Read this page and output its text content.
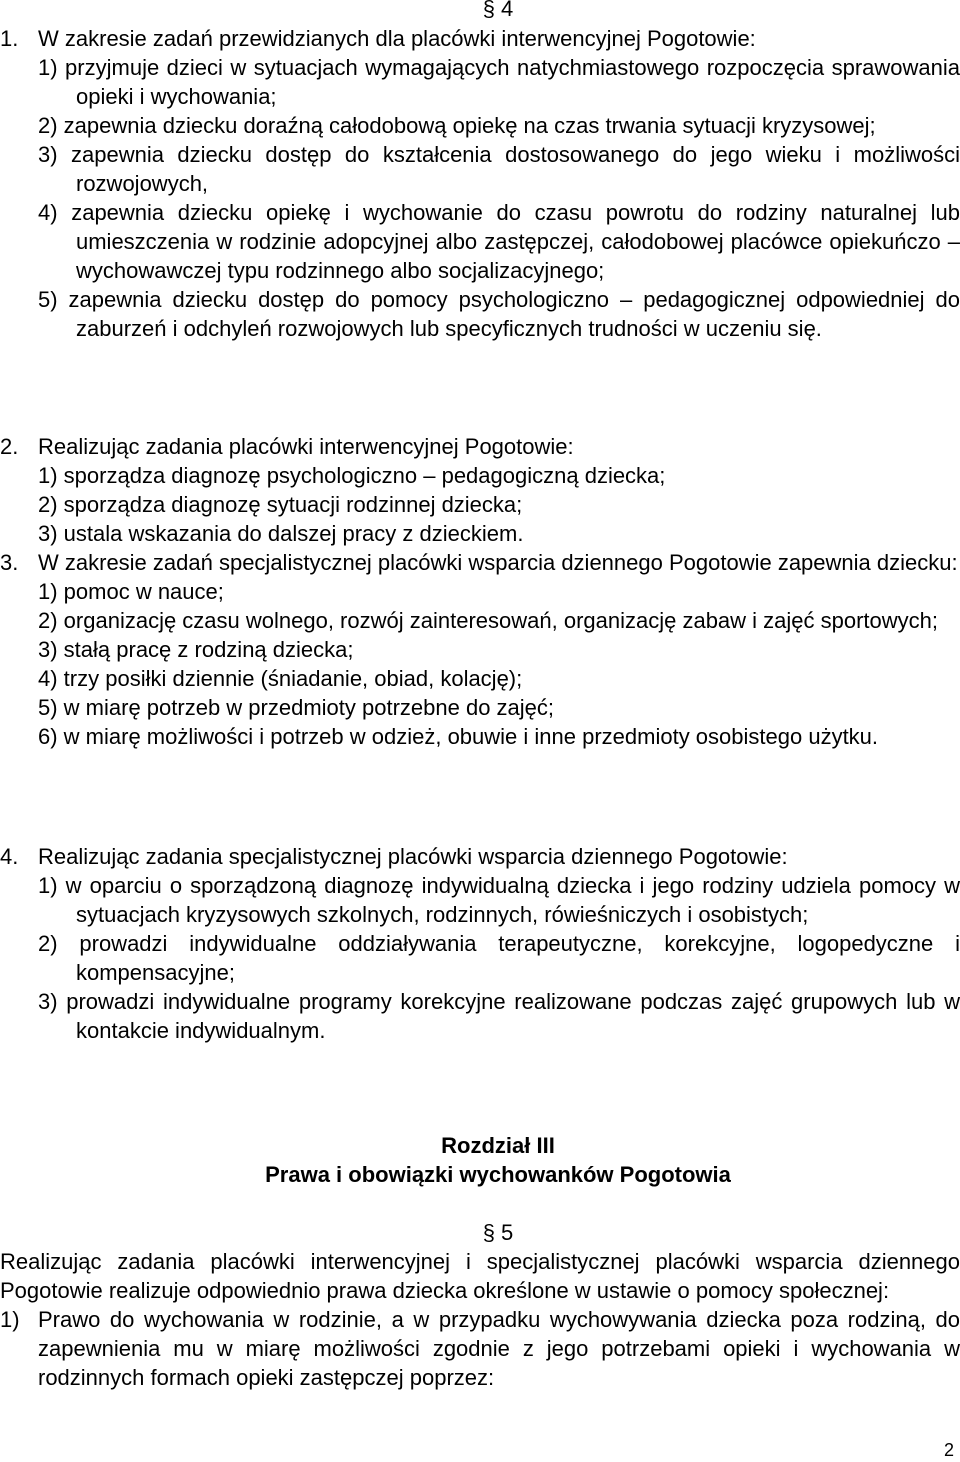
§ 4
1. W zakresie zadań przewidzianych dla placówki interwencyjnej Pogotowie:
1) przyjmuje dzieci w sytuacjach wymagających natychmiastowego rozpoczęcia sprawowania opieki i wychowania;
2) zapewnia dziecku doraźną całodobową opiekę na czas trwania sytuacji kryzysowej;
3) zapewnia dziecku dostęp do kształcenia dostosowanego do jego wieku i możliwości rozwojowych,
4) zapewnia dziecku opiekę i wychowanie do czasu powrotu do rodziny naturalnej lub umieszczenia w rodzinie adopcyjnej albo zastępczej, całodobowej placówce opiekuńczo – wychowawczej typu rodzinnego albo socjalizacyjnego;
5) zapewnia dziecku dostęp do pomocy psychologiczno – pedagogicznej odpowiedniej do zaburzeń i odchyleń rozwojowych lub specyficznych trudności w uczeniu się.
2. Realizując zadania placówki interwencyjnej Pogotowie:
1) sporządza diagnozę psychologiczno – pedagogiczną dziecka;
2) sporządza diagnozę sytuacji rodzinnej dziecka;
3) ustala wskazania do dalszej pracy z dzieckiem.
3. W zakresie zadań specjalistycznej placówki wsparcia dziennego Pogotowie zapewnia dziecku:
1) pomoc w nauce;
2) organizację czasu wolnego, rozwój zainteresowań, organizację zabaw i zajęć sportowych;
3) stałą pracę z rodziną dziecka;
4) trzy posiłki dziennie (śniadanie, obiad, kolację);
5) w miarę potrzeb w przedmioty potrzebne do zajęć;
6) w miarę możliwości i potrzeb w odzież, obuwie i inne przedmioty osobistego użytku.
4. Realizując zadania specjalistycznej placówki wsparcia dziennego Pogotowie:
1) w oparciu o sporządzoną diagnozę indywidualną dziecka i jego rodziny udziela pomocy w sytuacjach kryzysowych szkolnych, rodzinnych, rówieśniczych i osobistych;
2) prowadzi indywidualne oddziaływania terapeutyczne, korekcyjne, logopedyczne i kompensacyjne;
3) prowadzi indywidualne programy korekcyjne realizowane podczas zajęć grupowych lub w kontakcie indywidualnym.
Rozdział III
Prawa i obowiązki wychowanków Pogotowia
§ 5
Realizując zadania placówki interwencyjnej i specjalistycznej placówki wsparcia dziennego Pogotowie realizuje odpowiednio prawa dziecka określone w ustawie o pomocy społecznej:
1) Prawo do wychowania w rodzinie, a w przypadku wychowywania dziecka poza rodziną, do zapewnienia mu w miarę możliwości zgodnie z jego potrzebami opieki i wychowania w rodzinnych formach opieki zastępczej poprzez:
2
